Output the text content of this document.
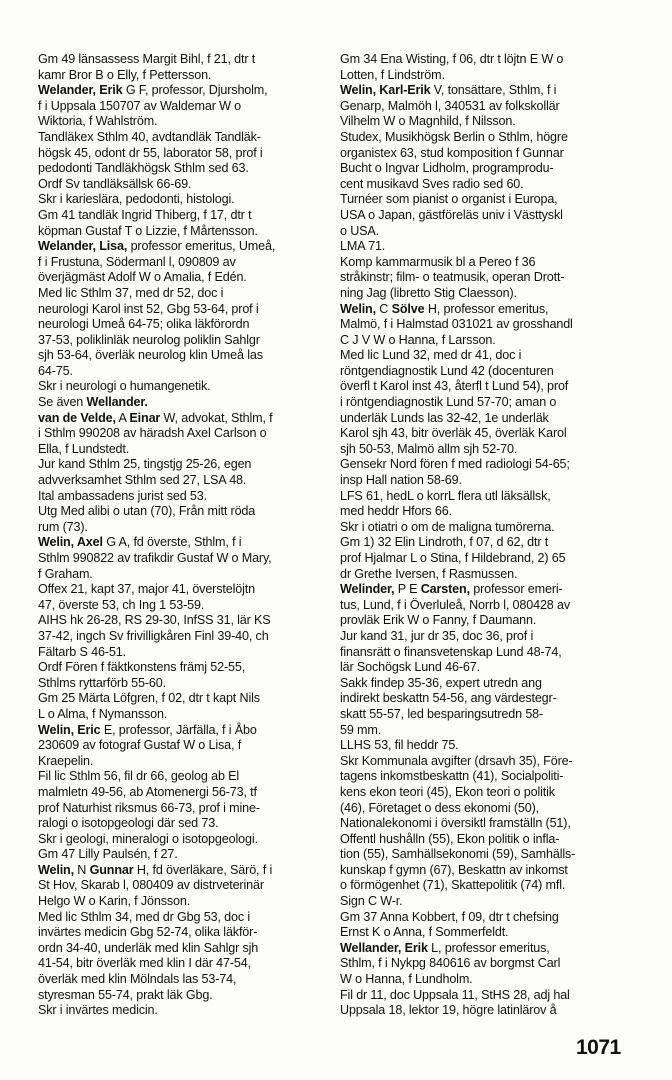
Gm 49 länsassess Margit Bihl, f 21, dtr t
kamr Bror B o Elly, f Pettersson.
Welander, Erik G F, professor, Djursholm,
f i Uppsala 150707 av Waldemar W o
Wiktoria, f Wahlström.
Tandläkex Sthlm 40, avdtandläk Tandläk-
högsk 45, odont dr 55, laborator 58, prof i
pedodonti Tandläkhögsk Sthlm sed 63.
Ordf Sv tandläksällsk 66-69.
Skr i karieslära, pedodonti, histologi.
Gm 41 tandläk Ingrid Thiberg, f 17, dtr t
köpman Gustaf T o Lizzie, f Mårtensson.
Welander, Lisa, professor emeritus, Umeå,
f i Frustuna, Södermanl l, 090809 av
överjägmäst Adolf W o Amalia, f Edén.
Med lic Sthlm 37, med dr 52, doc i
neurologi Karol inst 52, Gbg 53-64, prof i
neurologi Umeå 64-75; olika läkförordn
37-53, poliklinläk neurolog poliklin Sahlgr
sjh 53-64, överläk neurolog klin Umeå las
64-75.
Skr i neurologi o humangenetik.
Se även Wellander.
van de Velde, A Einar W, advokat, Sthlm, f
i Sthlm 990208 av häradsh Axel Carlson o
Ella, f Lundstedt.
Jur kand Sthlm 25, tingstjg 25-26, egen
advverksamhet Sthlm sed 27, LSA 48.
Ital ambassadens jurist sed 53.
Utg Med alibi o utan (70), Från mitt röda
rum (73).
Welin, Axel G A, fd överste, Sthlm, f i
Sthlm 990822 av trafikdir Gustaf W o Mary,
f Graham.
Offex 21, kapt 37, major 41, överstelöjtn
47, överste 53, ch Ing 1 53-59.
AIHS hk 26-28, RS 29-30, InfSS 31, lär KS
37-42, ingch Sv frivilligkåren Finl 39-40, ch
Fältarb S 46-51.
Ordf Fören f fäktkonstens främj 52-55,
Sthlms ryttarförb 55-60.
Gm 25 Märta Löfgren, f 02, dtr t kapt Nils
L o Alma, f Nymansson.
Welin, Eric E, professor, Järfälla, f i Åbo
230609 av fotograf Gustaf W o Lisa, f
Kraepelin.
Fil lic Sthlm 56, fil dr 66, geolog ab El
malmletn 49-56, ab Atomenergi 56-73, tf
prof Naturhist riksmus 66-73, prof i mine-
ralogi o isotopgeologi där sed 73.
Skr i geologi, mineralogi o isotopgeologi.
Gm 47 Lilly Paulsén, f 27.
Welin, N Gunnar H, fd överläkare, Särö, f i
St Hov, Skarab l, 080409 av distrveterinär
Helgo W o Karin, f Jönsson.
Med lic Sthlm 34, med dr Gbg 53, doc i
invärtes medicin Gbg 52-74, olika läkför-
ordn 34-40, underläk med klin Sahlgr sjh
41-54, bitr överläk med klin I där 47-54,
överläk med klin Mölndals las 53-74,
styresman 55-74, prakt läk Gbg.
Skr i invärtes medicin.
Gm 34 Ena Wisting, f 06, dtr t löjtn E W o
Lotten, f Lindström.
Welin, Karl-Erik V, tonsättare, Sthlm, f i
Genarp, Malmöh l, 340531 av folkskollär
Vilhelm W o Magnhild, f Nilsson.
Studex, Musikhögsk Berlin o Sthlm, högre
organistex 63, stud komposition f Gunnar
Bucht o Ingvar Lidholm, programprodu-
cent musikavd Sves radio sed 60.
Turnéer som pianist o organist i Europa,
USA o Japan, gästföreläs univ i Västtyskl
o USA.
LMA 71.
Komp kammarmusik bl a Pereo f 36
stråkinstr; film- o teatmusik, operan Drott-
ning Jag (libretto Stig Claesson).
Welin, C Sölve H, professor emeritus,
Malmö, f i Halmstad 031021 av grosshandl
C J V W o Hanna, f Larsson.
Med lic Lund 32, med dr 41, doc i
röntgendiagnostik Lund 42 (docenturen
överfl t Karol inst 43, återfl t Lund 54), prof
i röntgendiagnostik Lund 57-70; aman o
underläk Lunds las 32-42, 1e underläk
Karol sjh 43, bitr överläk 45, överläk Karol
sjh 50-53, Malmö allm sjh 52-70.
Gensekr Nord fören f med radiologi 54-65;
insp Hall nation 58-69.
LFS 61, hedL o korrL flera utl läksällsk,
med heddr Hfors 66.
Skr i otiatri o om de maligna tumörerna.
Gm 1) 32 Elin Lindroth, f 07, d 62, dtr t
prof Hjalmar L o Stina, f Hildebrand, 2) 65
dr Grethe Iversen, f Rasmussen.
Welinder, P E Carsten, professor emeri-
tus, Lund, f i Överluleå, Norrb l, 080428 av
provläk Erik W o Fanny, f Daumann.
Jur kand 31, jur dr 35, doc 36, prof i
finansrätt o finansvetenskap Lund 48-74,
lär Sochögsk Lund 46-67.
Sakk findep 35-36, expert utredn ang
indirekt beskattn 54-56, ang värdestegr-
skatt 55-57, led besparingsutredn 58-
59 mm.
LLHS 53, fil heddr 75.
Skr Kommunala avgifter (drsavh 35), Före-
tagens inkomstbeskattn (41), Socialpoliti-
kens ekon teori (45), Ekon teori o politik
(46), Företaget o dess ekonomi (50),
Nationalekonomi i översiktl framställn (51),
Offentl hushålln (55), Ekon politik o infla-
tion (55), Samhällsekonomi (59), Samhälls-
kunskap f gymn (67), Beskattn av inkomst
o förmögenhet (71), Skattepolitik (74) mfl.
Sign C W-r.
Gm 37 Anna Kobbert, f 09, dtr t chefsing
Ernst K o Anna, f Sommerfeldt.
Wellander, Erik L, professor emeritus,
Sthlm, f i Nykpg 840616 av borgmst Carl
W o Hanna, f Lundholm.
Fil dr 11, doc Uppsala 11, StHS 28, adj hal
Uppsala 18, lektor 19, högre latinlärov å
1071
